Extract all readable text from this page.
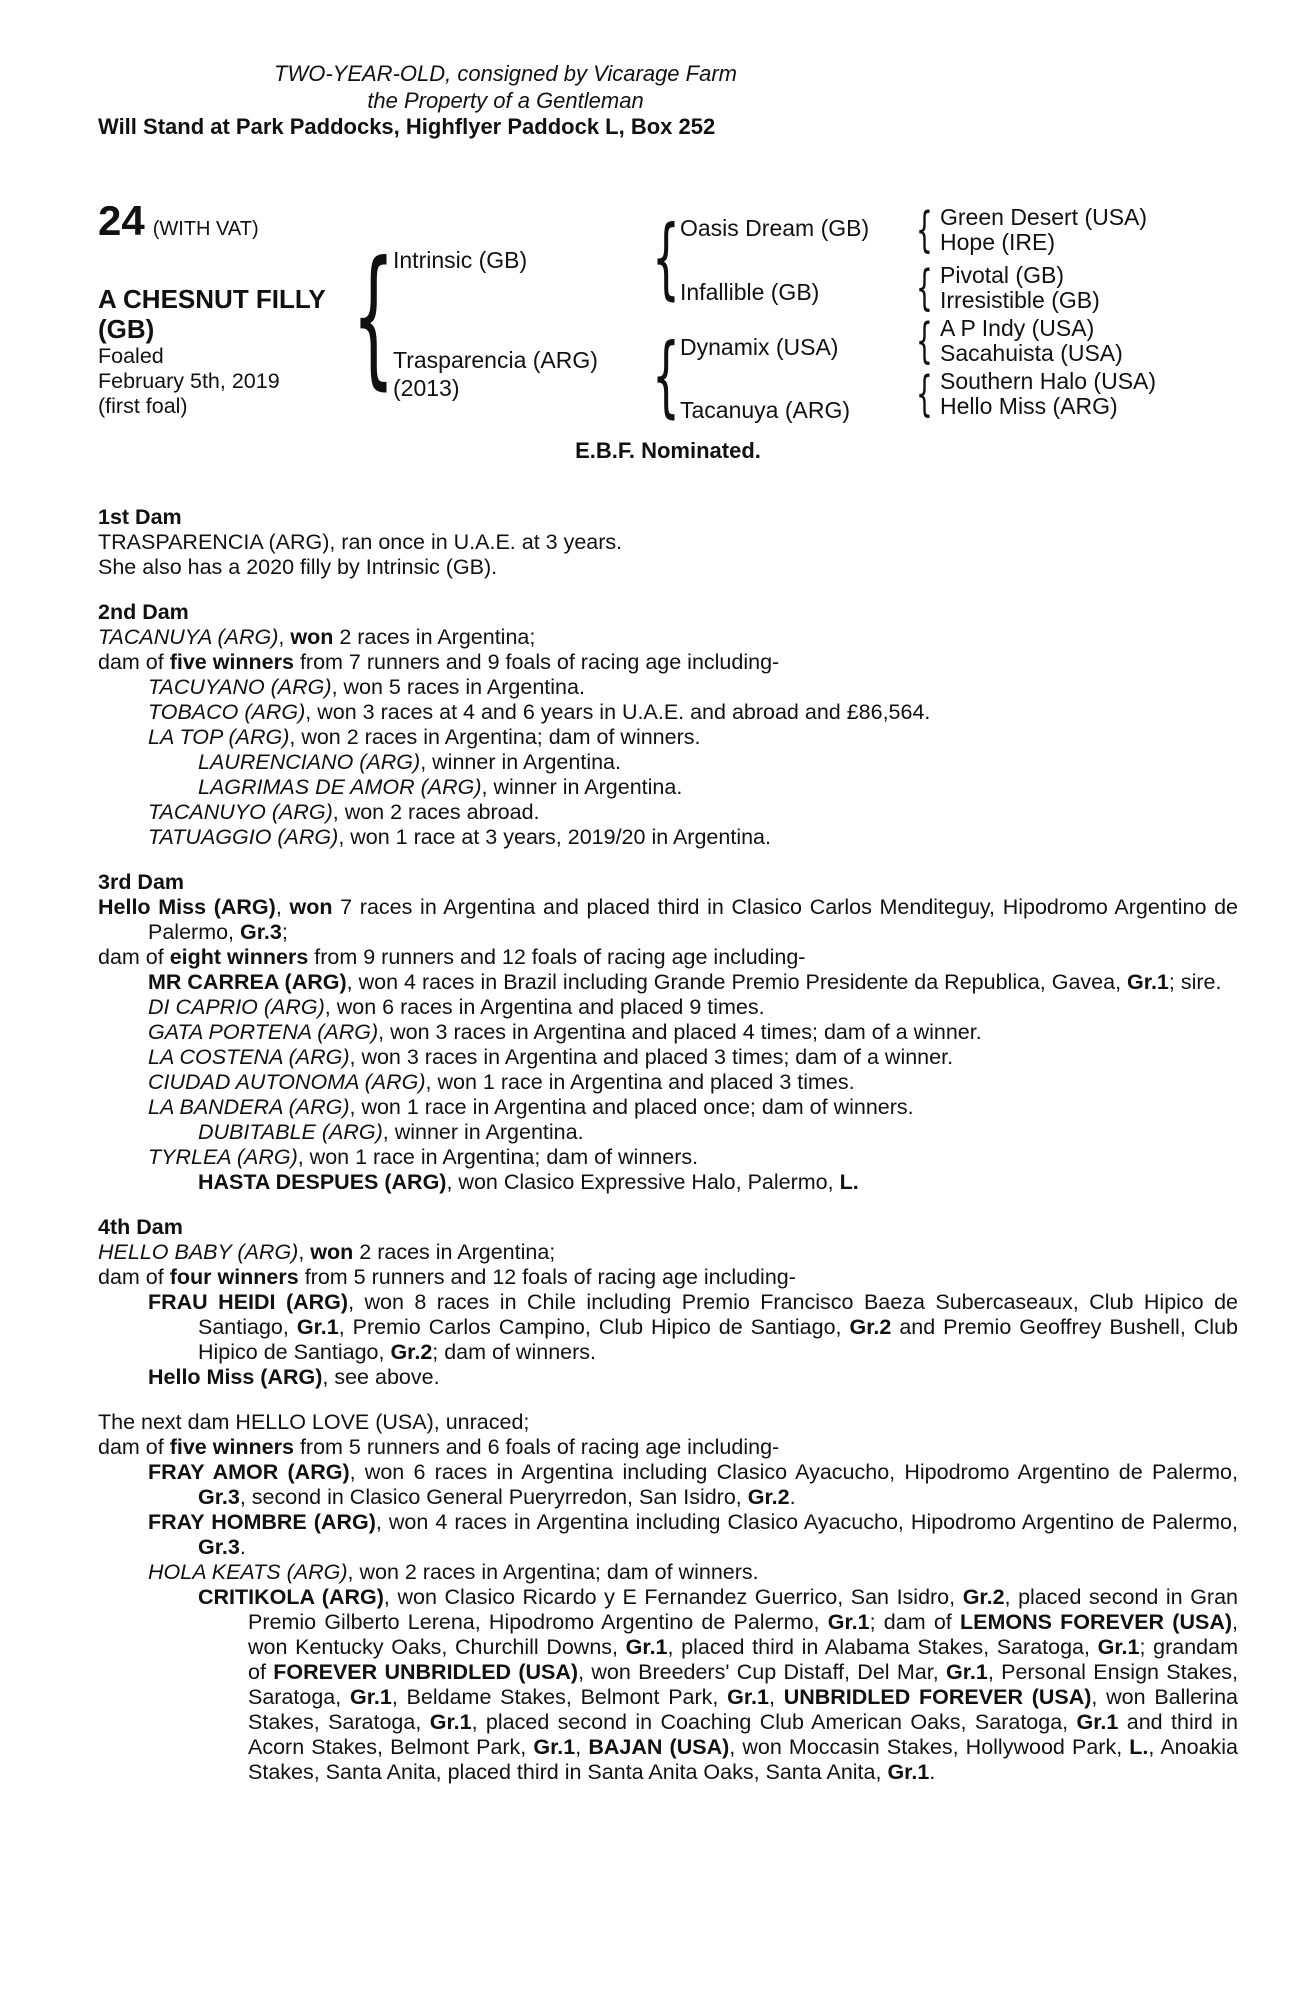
TWO-YEAR-OLD, consigned by Vicarage Farm
the Property of a Gentleman
Will Stand at Park Paddocks, Highflyer Paddock L, Box 252
24 (WITH VAT)
A CHESNUT FILLY
(GB)
Foaled
February 5th, 2019
(first foal)
{
Intrinsic (GB)
Trasparencia (ARG)
(2013)
{
{
Oasis Dream (GB)
Infallible (GB)
Dynamix (USA)
Tacanuya (ARG)
{
{
{
{
Green Desert (USA)
Hope (IRE)
Pivotal (GB)
Irresistible (GB)
A P Indy (USA)
Sacahuista (USA)
Southern Halo (USA)
Hello Miss (ARG)
E.B.F. Nominated.
1st Dam

TRASPARENCIA (ARG), ran once in U.A.E. at 3 years.

She also has a 2020 filly by Intrinsic (GB).

2nd Dam

TACANUYA (ARG), won 2 races in Argentina;

dam of five winners from 7 runners and 9 foals of racing age including-

TACUYANO (ARG), won 5 races in Argentina.

TOBACO (ARG), won 3 races at 4 and 6 years in U.A.E. and abroad and £86,564.

LA TOP (ARG), won 2 races in Argentina; dam of winners.

LAURENCIANO (ARG), winner in Argentina.

LAGRIMAS DE AMOR (ARG), winner in Argentina.

TACANUYO (ARG), won 2 races abroad.

TATUAGGIO (ARG), won 1 race at 3 years, 2019/20 in Argentina.

3rd Dam

Hello Miss (ARG), won 7 races in Argentina and placed third in Clasico Carlos Menditeguy, Hipodromo Argentino de Palermo, Gr.3;

dam of eight winners from 9 runners and 12 foals of racing age including-

MR CARREA (ARG), won 4 races in Brazil including Grande Premio Presidente da Republica, Gavea, Gr.1; sire.

DI CAPRIO (ARG), won 6 races in Argentina and placed 9 times.

GATA PORTENA (ARG), won 3 races in Argentina and placed 4 times; dam of a winner.

LA COSTENA (ARG), won 3 races in Argentina and placed 3 times; dam of a winner.

CIUDAD AUTONOMA (ARG), won 1 race in Argentina and placed 3 times.

LA BANDERA (ARG), won 1 race in Argentina and placed once; dam of winners.

DUBITABLE (ARG), winner in Argentina.

TYRLEA (ARG), won 1 race in Argentina; dam of winners.

HASTA DESPUES (ARG), won Clasico Expressive Halo, Palermo, L.

4th Dam

HELLO BABY (ARG), won 2 races in Argentina;

dam of four winners from 5 runners and 12 foals of racing age including-

FRAU HEIDI (ARG), won 8 races in Chile including Premio Francisco Baeza Subercaseaux, Club Hipico de Santiago, Gr.1, Premio Carlos Campino, Club Hipico de Santiago, Gr.2 and Premio Geoffrey Bushell, Club Hipico de Santiago, Gr.2; dam of winners.

Hello Miss (ARG), see above.

The next dam HELLO LOVE (USA), unraced;

dam of five winners from 5 runners and 6 foals of racing age including-

FRAY AMOR (ARG), won 6 races in Argentina including Clasico Ayacucho, Hipodromo Argentino de Palermo, Gr.3, second in Clasico General Pueryrredon, San Isidro, Gr.2.

FRAY HOMBRE (ARG), won 4 races in Argentina including Clasico Ayacucho, Hipodromo Argentino de Palermo, Gr.3.

HOLA KEATS (ARG), won 2 races in Argentina; dam of winners.

CRITIKOLA (ARG), won Clasico Ricardo y E Fernandez Guerrico, San Isidro, Gr.2, placed second in Gran Premio Gilberto Lerena, Hipodromo Argentino de Palermo, Gr.1; dam of LEMONS FOREVER (USA), won Kentucky Oaks, Churchill Downs, Gr.1, placed third in Alabama Stakes, Saratoga, Gr.1; grandam of FOREVER UNBRIDLED (USA), won Breeders' Cup Distaff, Del Mar, Gr.1, Personal Ensign Stakes, Saratoga, Gr.1, Beldame Stakes, Belmont Park, Gr.1, UNBRIDLED FOREVER (USA), won Ballerina Stakes, Saratoga, Gr.1, placed second in Coaching Club American Oaks, Saratoga, Gr.1 and third in Acorn Stakes, Belmont Park, Gr.1, BAJAN (USA), won Moccasin Stakes, Hollywood Park, L., Anoakia Stakes, Santa Anita, placed third in Santa Anita Oaks, Santa Anita, Gr.1.
